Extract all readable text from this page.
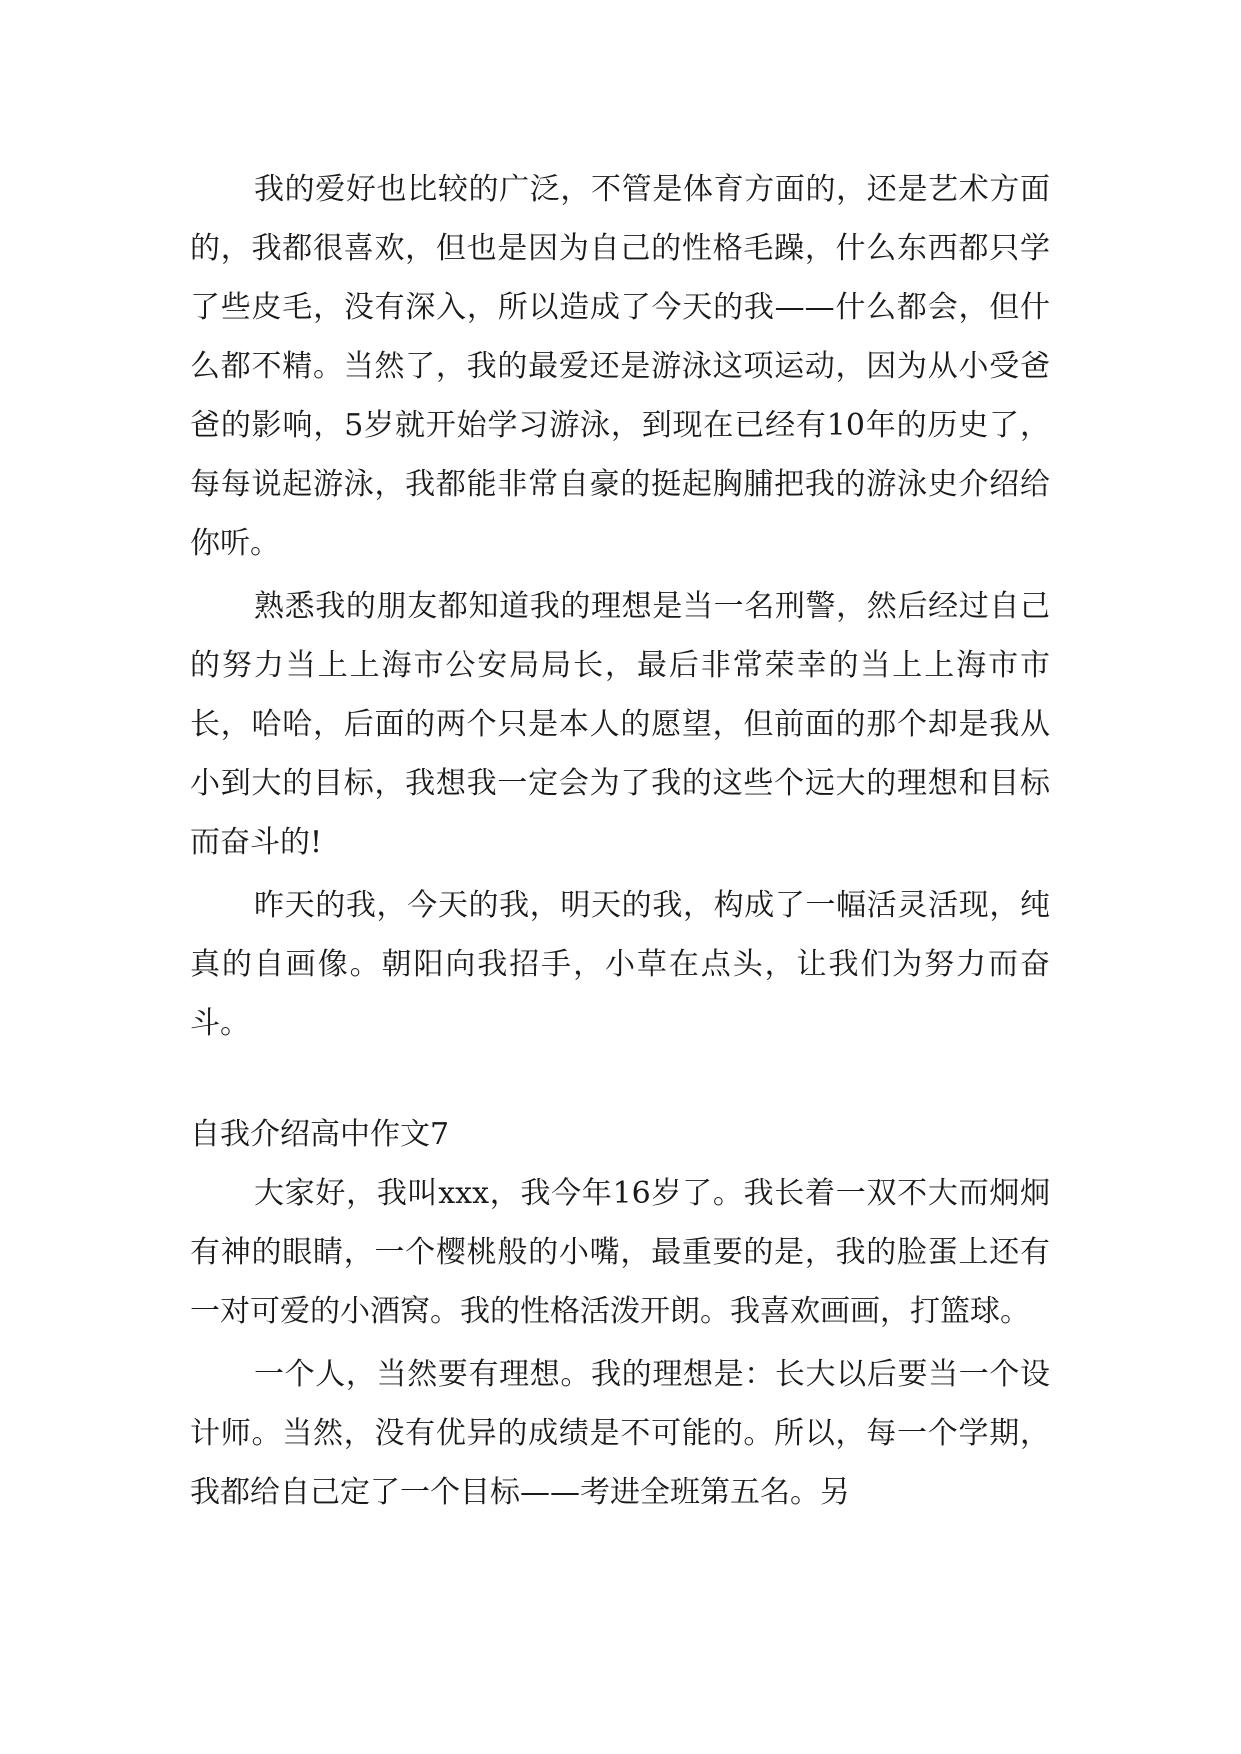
我的爱好也比较的广泛，不管是体育方面的，还是艺术方面的，我都很喜欢，但也是因为自己的性格毛躁，什么东西都只学了些皮毛，没有深入，所以造成了今天的我——什么都会，但什么都不精。当然了，我的最爱还是游泳这项运动，因为从小受爸爸的影响，5岁就开始学习游泳，到现在已经有10年的历史了，每每说起游泳，我都能非常自豪的挺起胸脯把我的游泳史介绍给你听。

熟悉我的朋友都知道我的理想是当一名刑警，然后经过自己的努力当上上海市公安局局长，最后非常荣幸的当上上海市市长，哈哈，后面的两个只是本人的愿望，但前面的那个却是我从小到大的目标，我想我一定会为了我的这些个远大的理想和目标而奋斗的!

昨天的我，今天的我，明天的我，构成了一幅活灵活现，纯真的自画像。朝阳向我招手，小草在点头，让我们为努力而奋斗。

自我介绍高中作文7

大家好，我叫xxx，我今年16岁了。我长着一双不大而炯炯有神的眼睛，一个樱桃般的小嘴，最重要的是，我的脸蛋上还有一对可爱的小酒窝。我的性格活泼开朗。我喜欢画画，打篮球。

一个人，当然要有理想。我的理想是：长大以后要当一个设计师。当然，没有优异的成绩是不可能的。所以，每一个学期，我都给自己定了一个目标——考进全班第五名。另
